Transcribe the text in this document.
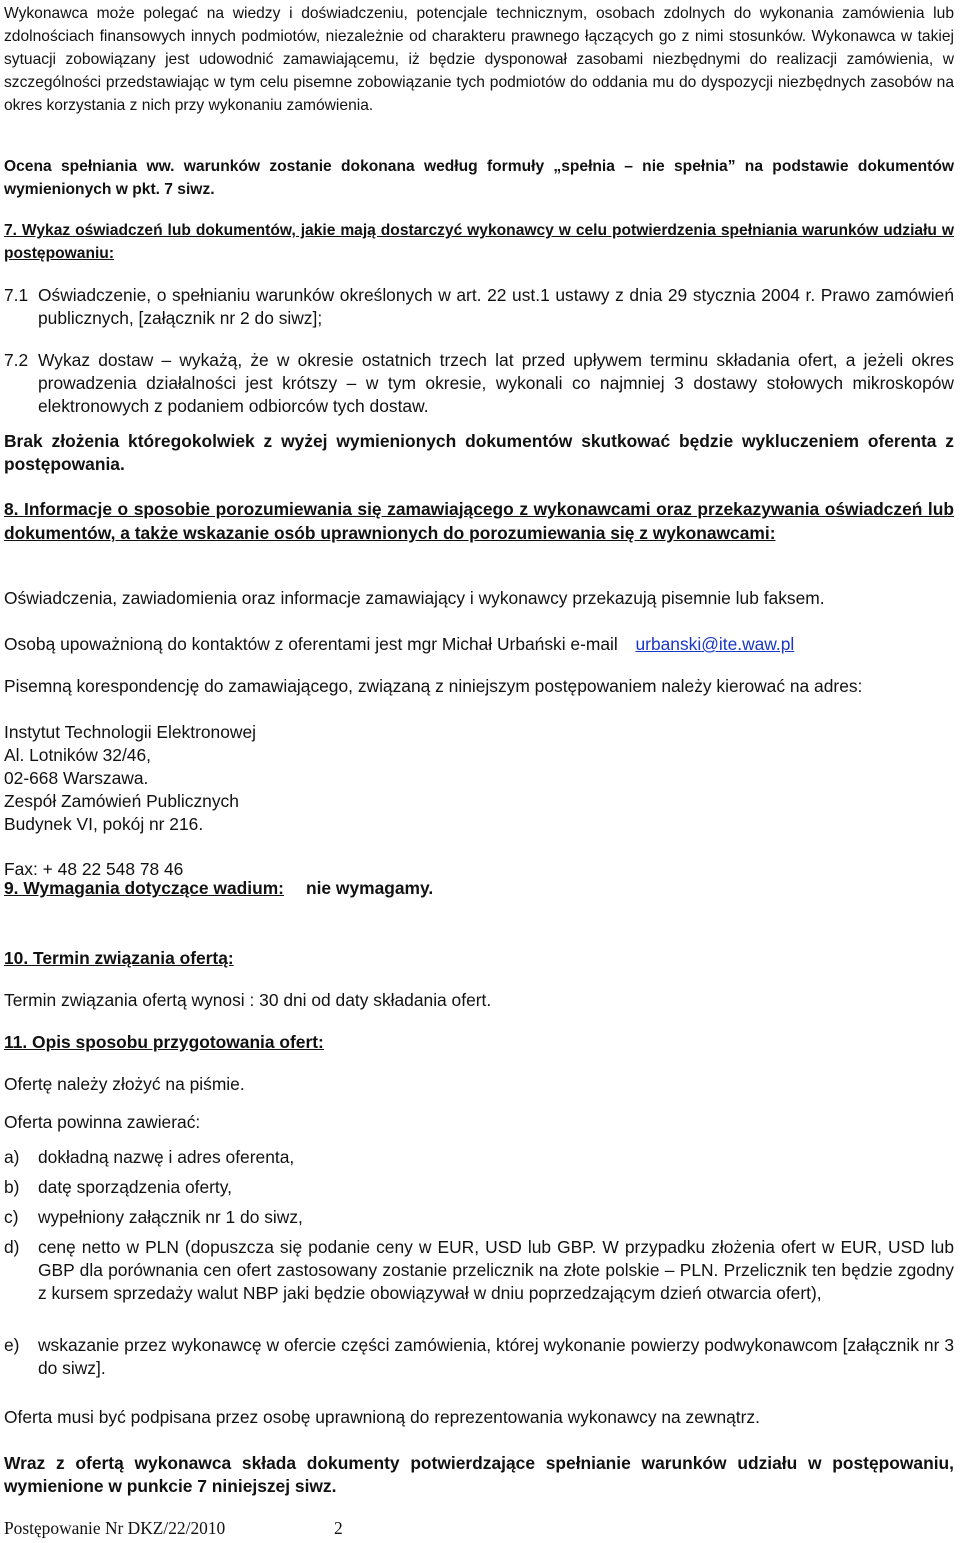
Wykonawca może polegać na wiedzy i doświadczeniu, potencjale technicznym, osobach zdolnych do wykonania zamówienia lub zdolnościach finansowych innych podmiotów, niezależnie od charakteru prawnego łączących go z nimi stosunków. Wykonawca w takiej sytuacji zobowiązany jest udowodnić zamawiającemu, iż będzie dysponował zasobami niezbędnymi do realizacji zamówienia, w szczególności przedstawiając w tym celu pisemne zobowiązanie tych podmiotów do oddania mu do dyspozycji niezbędnych zasobów na okres korzystania z nich przy wykonaniu zamówienia.

Ocena spełniania ww. warunków zostanie dokonana według formuły „spełnia – nie spełnia” na podstawie dokumentów wymienionych w pkt. 7 siwz.

7. Wykaz oświadczeń lub dokumentów, jakie mają dostarczyć wykonawcy w celu potwierdzenia spełniania warunków udziału w postępowaniu:

7.1 Oświadczenie, o spełnianiu warunków określonych w art. 22 ust.1 ustawy z dnia 29 stycznia 2004 r. Prawo zamówień publicznych, [załącznik nr 2 do siwz];
7.2 Wykaz dostaw – wykażą, że w okresie ostatnich trzech lat przed upływem terminu składania ofert, a jeżeli okres prowadzenia działalności jest krótszy – w tym okresie, wykonali co najmniej 3 dostawy stołowych mikroskopów elektronowych z podaniem odbiorców tych dostaw.

Brak złożenia któregokolwiek z wyżej wymienionych dokumentów skutkować będzie wykluczeniem oferenta z postępowania.

8. Informacje o sposobie porozumiewania się zamawiającego z wykonawcami oraz przekazywania oświadczeń lub dokumentów, a także wskazanie osób uprawnionych do porozumiewania się z wykonawcami:

Oświadczenia, zawiadomienia oraz informacje zamawiający i wykonawcy przekazują pisemnie lub faksem.

Osobą upoważnioną do kontaktów z oferentami jest mgr Michał Urbański e-mail urbanski@ite.waw.pl

Pisemną korespondencję do zamawiającego, związaną z niniejszym postępowaniem należy kierować na adres:

Instytut Technologii Elektronowej
Al. Lotników 32/46,
02-668 Warszawa.
Zespół Zamówień Publicznych
Budynek VI, pokój nr 216.

Fax: + 48 22 548 78 46

9. Wymagania dotyczące wadium: nie wymagamy.

10. Termin związania ofertą:

Termin związania ofertą wynosi : 30 dni od daty składania ofert.

11. Opis sposobu przygotowania ofert:

Ofertę należy złożyć na piśmie.

Oferta powinna zawierać:

a) dokładną nazwę i adres oferenta,
b) datę sporządzenia oferty,
c) wypełniony załącznik nr 1 do siwz,
d) cenę netto w PLN (dopuszcza się podanie ceny w EUR, USD lub GBP. W przypadku złożenia ofert w EUR, USD lub GBP dla porównania cen ofert zastosowany zostanie przelicznik na złote polskie – PLN. Przelicznik ten będzie zgodny z kursem sprzedaży walut NBP jaki będzie obowiązywał w dniu poprzedzającym dzień otwarcia ofert),
e) wskazanie przez wykonawcę w ofercie części zamówienia, której wykonanie powierzy podwykonawcom [załącznik nr 3 do siwz].

Oferta musi być podpisana przez osobę uprawnioną do reprezentowania wykonawcy na zewnątrz.

Wraz z ofertą wykonawca składa dokumenty potwierdzające spełnianie warunków udziału w postępowaniu, wymienione w punkcie 7 niniejszej siwz.

Postępowanie Nr DKZ/22/2010	2
